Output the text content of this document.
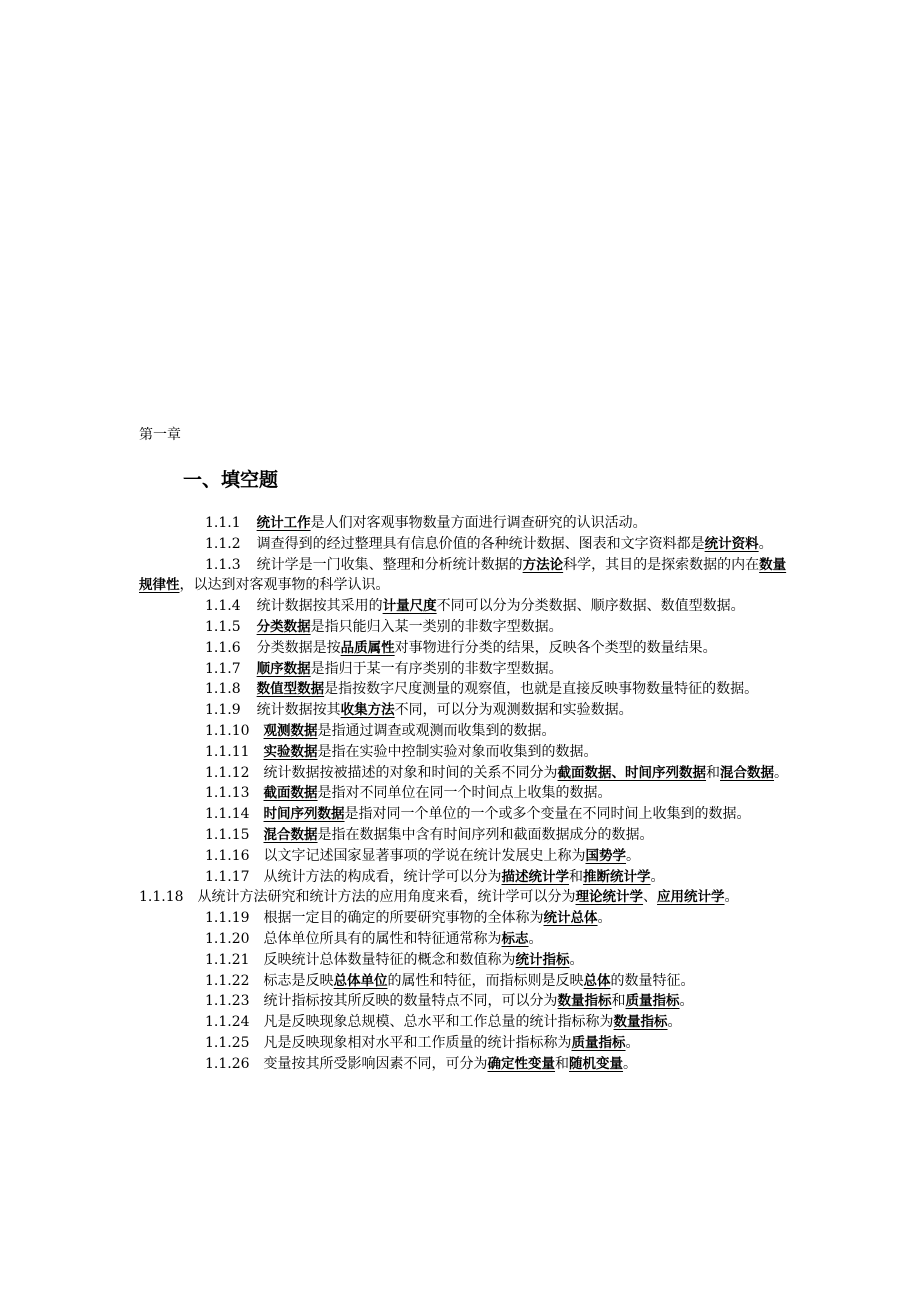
第一章
一、填空题
1.1.1 统计工作是人们对客观事物数量方面进行调查研究的认识活动。
1.1.2 调查得到的经过整理具有信息价值的各种统计数据、图表和文字资料都是统计资料。
1.1.3 统计学是一门收集、整理和分析统计数据的方法论科学，其目的是探索数据的内在数量规律性，以达到对客观事物的科学认识。
1.1.4 统计数据按其采用的计量尺度不同可以分为分类数据、顺序数据、数值型数据。
1.1.5 分类数据是指只能归入某一类别的非数字型数据。
1.1.6 分类数据是按品质属性对事物进行分类的结果，反映各个类型的数量结果。
1.1.7 顺序数据是指归于某一有序类别的非数字型数据。
1.1.8 数值型数据是指按数字尺度测量的观察值，也就是直接反映事物数量特征的数据。
1.1.9 统计数据按其收集方法不同，可以分为观测数据和实验数据。
1.1.10 观测数据是指通过调查或观测而收集到的数据。
1.1.11 实验数据是指在实验中控制实验对象而收集到的数据。
1.1.12 统计数据按被描述的对象和时间的关系不同分为截面数据、时间序列数据和混合数据。
1.1.13 截面数据是指对不同单位在同一个时间点上收集的数据。
1.1.14 时间序列数据是指对同一个单位的一个或多个变量在不同时间上收集到的数据。
1.1.15 混合数据是指在数据集中含有时间序列和截面数据成分的数据。
1.1.16 以文字记述国家显著事项的学说在统计发展史上称为国势学。
1.1.17 从统计方法的构成看，统计学可以分为描述统计学和推断统计学。
1.1.18 从统计方法研究和统计方法的应用角度来看，统计学可以分为理论统计学、应用统计学。
1.1.19 根据一定目的确定的所要研究事物的全体称为统计总体。
1.1.20 总体单位所具有的属性和特征通常称为标志。
1.1.21 反映统计总体数量特征的概念和数值称为统计指标。
1.1.22 标志是反映总体单位的属性和特征，而指标则是反映总体的数量特征。
1.1.23 统计指标按其所反映的数量特点不同，可以分为数量指标和质量指标。
1.1.24 凡是反映现象总规模、总水平和工作总量的统计指标称为数量指标。
1.1.25 凡是反映现象相对水平和工作质量的统计指标称为质量指标。
1.1.26 变量按其所受影响因素不同，可分为确定性变量和随机变量。
